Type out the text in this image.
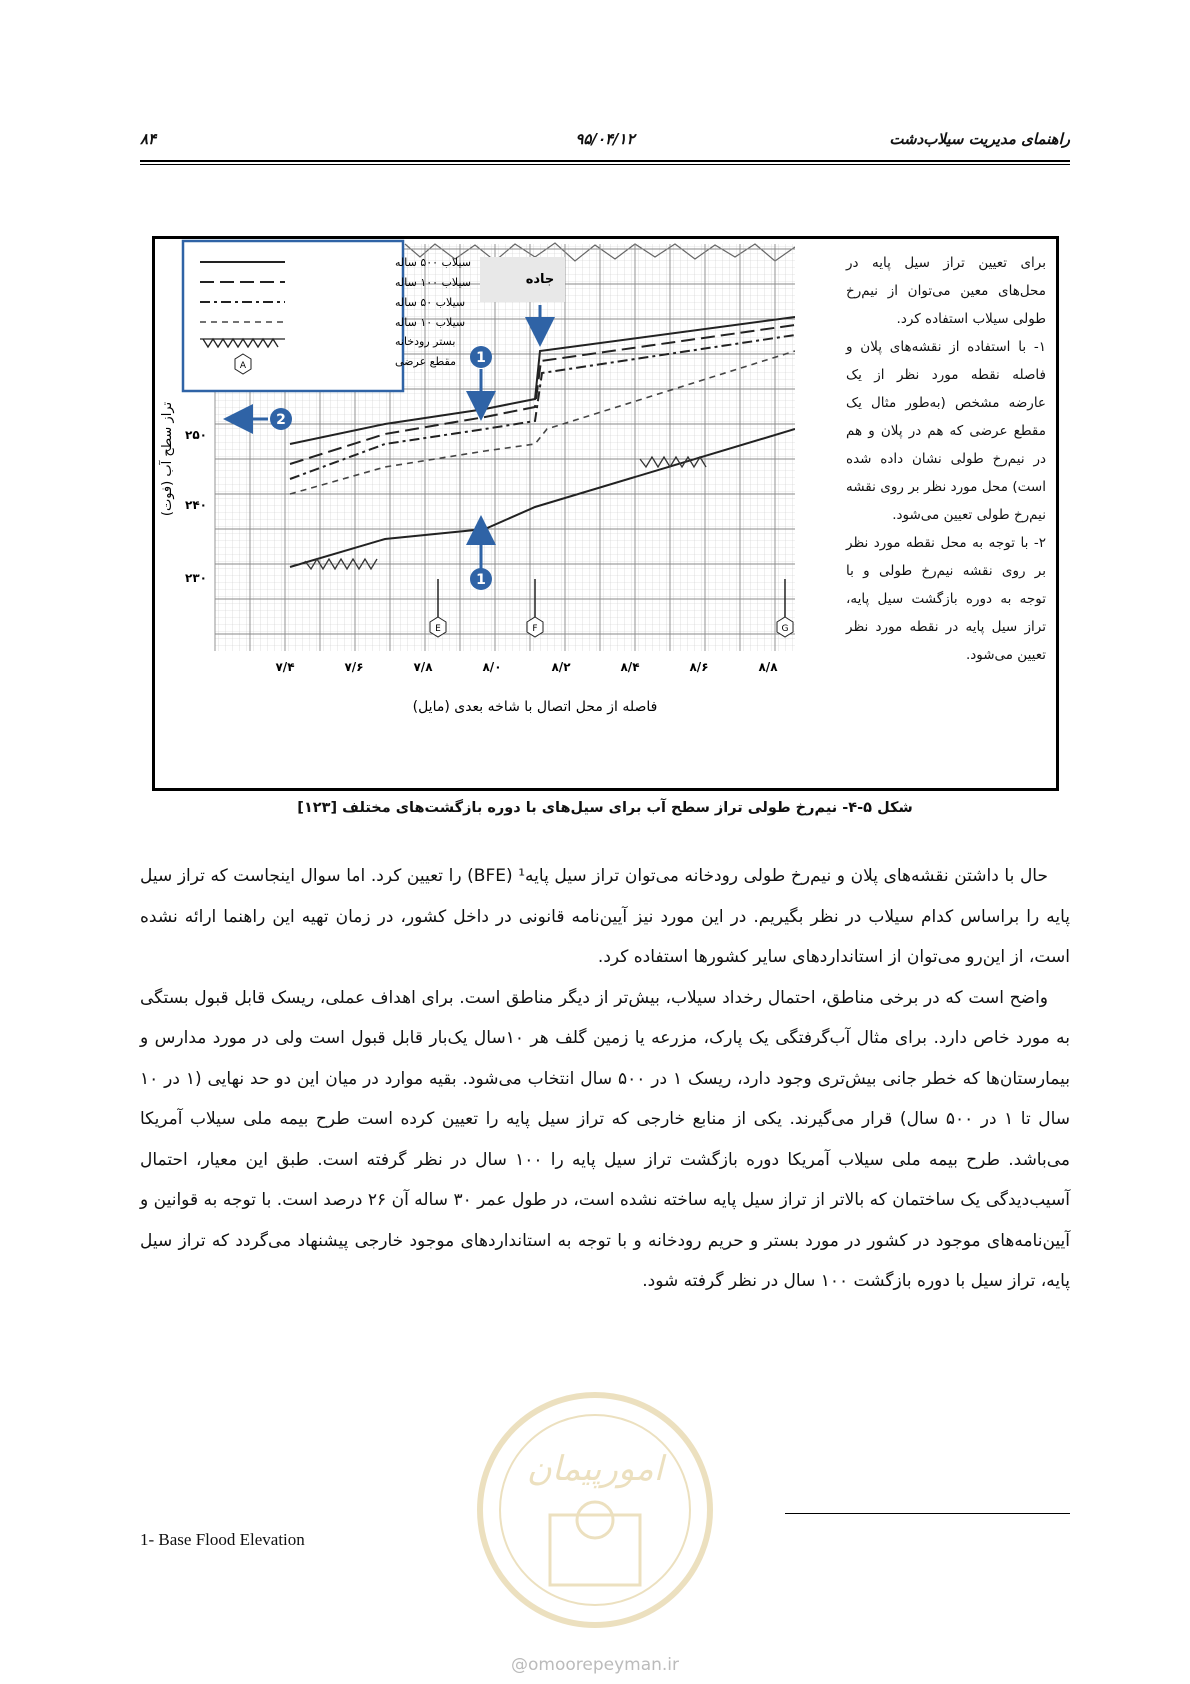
راهنمای مدیریت سیلاب‌دشت
۹۵/۰۴/۱۲
۸۴
جاده
E	F	G
1
1
2
A
سیلاب ۵۰۰ ساله
سیلاب ۱۰۰ ساله
سیلاب ۵۰ ساله
سیلاب ۱۰ ساله
بستر رودخانه
مقطع عرضی
تراز سطح آب (فوت) ۲۵۰
۲۴۰
۲۳۰
۷/۴	۷/۶	۷/۸	۸/۰	۸/۲	۸/۴	۸/۶	۸/۸
فاصله از محل اتصال با شاخه بعدی (مایل)

برای تعیین تراز سیل پایه در محل‌های معین می‌توان از نیم‌رخ طولی سیلاب استفاده کرد.

۱- با استفاده از نقشه‌های پلان و فاصله نقطه مورد نظر از یک عارضه مشخص (به‌طور مثال یک مقطع عرضی که هم در پلان و هم در نیم‌رخ طولی نشان داده شده است) محل مورد نظر بر روی نقشه نیم‌رخ طولی تعیین می‌شود.

۲- با توجه به محل نقطه مورد نظر بر روی نقشه نیم‌رخ طولی و با توجه به دوره بازگشت سیل پایه، تراز سیل پایه در نقطه مورد نظر تعیین می‌شود.

شکل ۵-۴- نیم‌رخ طولی تراز سطح آب برای سیل‌های با دوره بازگشت‌های مختلف [۱۲۳]

حال با داشتن نقشه‌های پلان و نیم‌رخ طولی رودخانه می‌توان تراز سیل پایه¹ (BFE) را تعیین کرد. اما سوال اینجاست که تراز سیل پایه را براساس کدام سیلاب در نظر بگیریم. در این مورد نیز آیین‌نامه قانونی در داخل کشور، در زمان تهیه این راهنما ارائه نشده است، از این‌رو می‌توان از استانداردهای سایر کشورها استفاده کرد.

واضح است که در برخی مناطق، احتمال رخداد سیلاب، بیش‌تر از دیگر مناطق است. برای اهداف عملی، ریسک قابل قبول بستگی به مورد خاص دارد. برای مثال آب‌گرفتگی یک پارک، مزرعه یا زمین گلف هر ۱۰سال یک‌بار قابل قبول است ولی در مورد مدارس و بیمارستان‌ها که خطر جانی بیش‌تری وجود دارد، ریسک ۱ در ۵۰۰ سال انتخاب می‌شود. بقیه موارد در میان این دو حد نهایی (۱ در ۱۰ سال تا ۱ در ۵۰۰ سال) قرار می‌گیرند. یکی از منابع خارجی که تراز سیل پایه را تعیین کرده است طرح بیمه ملی سیلاب آمریکا می‌باشد. طرح بیمه ملی سیلاب آمریکا دوره بازگشت تراز سیل پایه را ۱۰۰ سال در نظر گرفته است. طبق این معیار، احتمال آسیب‌دیدگی یک ساختمان که بالاتر از تراز سیل پایه ساخته نشده است، در طول عمر ۳۰ ساله آن ۲۶ درصد است. با توجه به قوانین و آیین‌نامه‌های موجود در کشور در مورد بستر و حریم رودخانه و با توجه به استانداردهای موجود خارجی پیشنهاد می‌گردد که تراز سیل پایه، تراز سیل با دوره بازگشت ۱۰۰ سال در نظر گرفته شود.

امورپیمان
@omoorepeyman.ir
1- Base Flood Elevation
